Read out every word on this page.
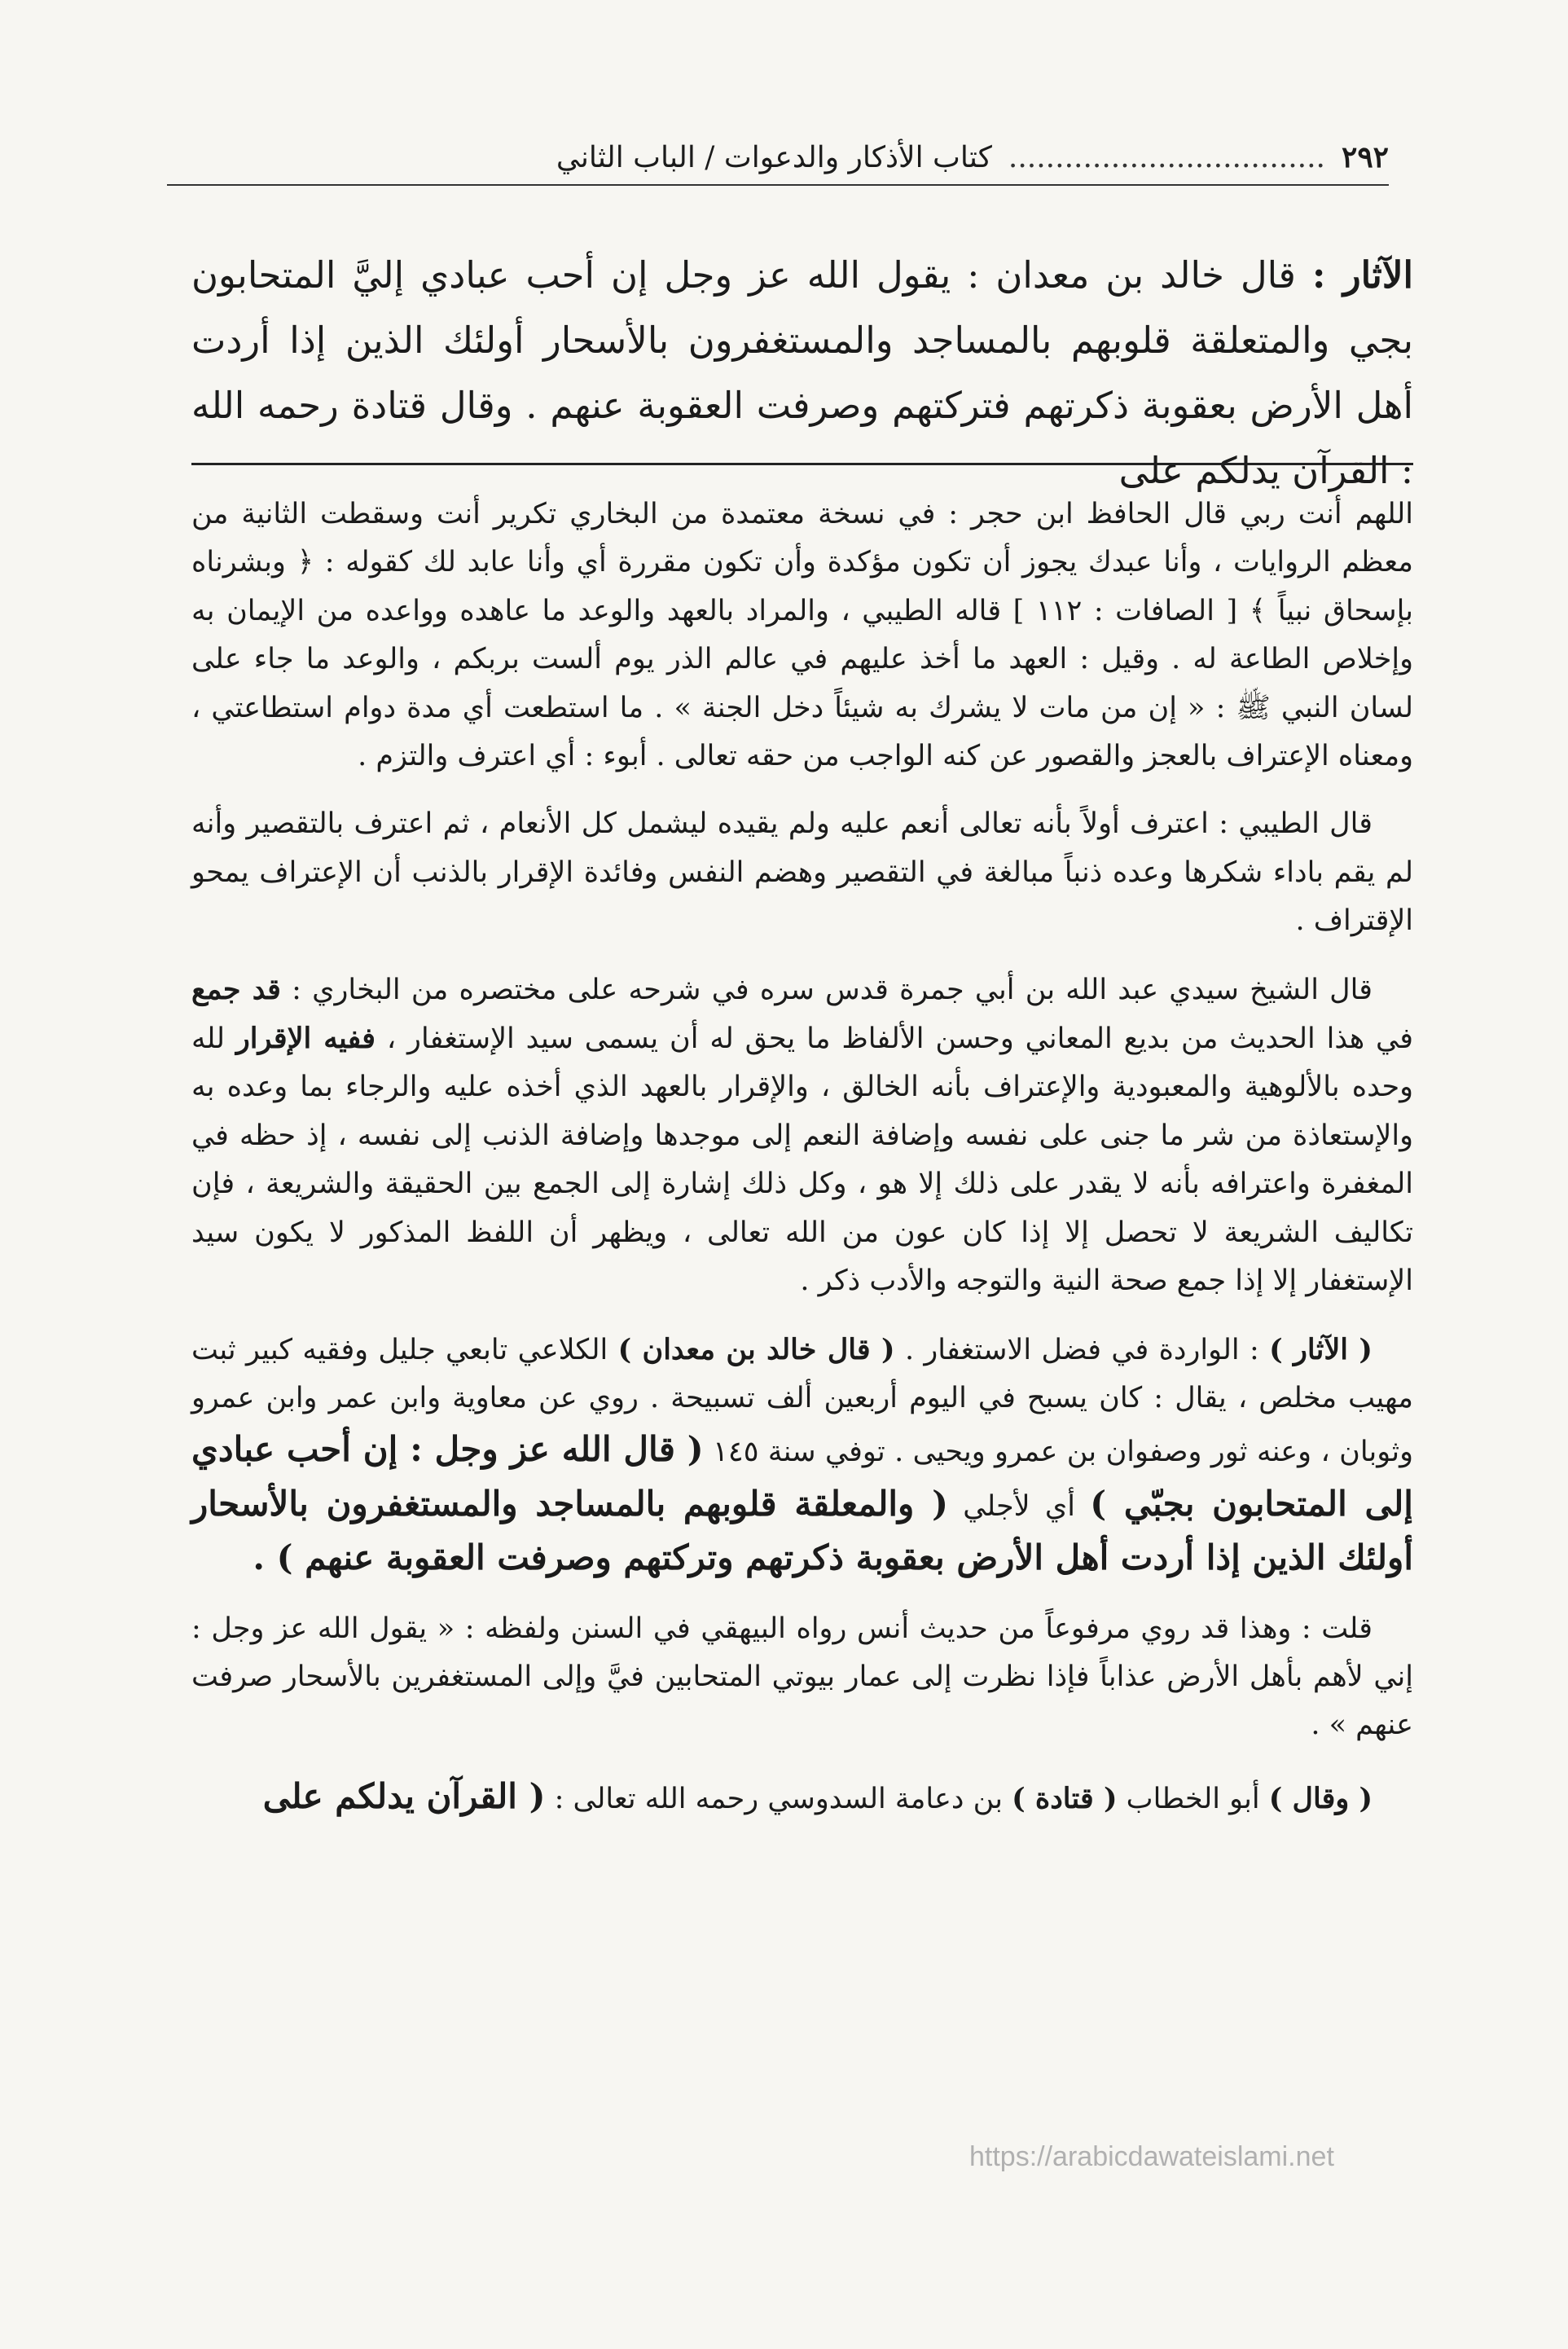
٢٩٢
..................................
كتاب الأذكار والدعوات / الباب الثاني
الآثار : قال خالد بن معدان : يقول الله عز وجل إن أحب عبادي إليَّ المتحابون بجي والمتعلقة قلوبهم بالمساجد والمستغفرون بالأسحار أولئك الذين إذا أردت أهل الأرض بعقوبة ذكرتهم فتركتهم وصرفت العقوبة عنهم . وقال قتادة رحمه الله : القرآن يدلكم على

اللهم أنت ربي قال الحافظ ابن حجر : في نسخة معتمدة من البخاري تكرير أنت وسقطت الثانية من معظم الروايات ، وأنا عبدك يجوز أن تكون مؤكدة وأن تكون مقررة أي وأنا عابد لك كقوله : ﴿ وبشرناه بإسحاق نبياً ﴾ [ الصافات : ١١٢ ] قاله الطيبي ، والمراد بالعهد والوعد ما عاهده وواعده من الإيمان به وإخلاص الطاعة له . وقيل : العهد ما أخذ عليهم في عالم الذر يوم ألست بربكم ، والوعد ما جاء على لسان النبي ﷺ : « إن من مات لا يشرك به شيئاً دخل الجنة » . ما استطعت أي مدة دوام استطاعتي ، ومعناه الإعتراف بالعجز والقصور عن كنه الواجب من حقه تعالى . أبوء : أي اعترف والتزم .

قال الطيبي : اعترف أولاً بأنه تعالى أنعم عليه ولم يقيده ليشمل كل الأنعام ، ثم اعترف بالتقصير وأنه لم يقم باداء شكرها وعده ذنباً مبالغة في التقصير وهضم النفس وفائدة الإقرار بالذنب أن الإعتراف يمحو الإقتراف .

قال الشيخ سيدي عبد الله بن أبي جمرة قدس سره في شرحه على مختصره من البخاري : قد جمع في هذا الحديث من بديع المعاني وحسن الألفاظ ما يحق له أن يسمى سيد الإستغفار ، ففيه الإقرار لله وحده بالألوهية والمعبودية والإعتراف بأنه الخالق ، والإقرار بالعهد الذي أخذه عليه والرجاء بما وعده به والإستعاذة من شر ما جنى على نفسه وإضافة النعم إلى موجدها وإضافة الذنب إلى نفسه ، إذ حظه في المغفرة واعترافه بأنه لا يقدر على ذلك إلا هو ، وكل ذلك إشارة إلى الجمع بين الحقيقة والشريعة ، فإن تكاليف الشريعة لا تحصل إلا إذا كان عون من الله تعالى ، ويظهر أن اللفظ المذكور لا يكون سيد الإستغفار إلا إذا جمع صحة النية والتوجه والأدب ذكر .

( الآثار ) : الواردة في فضل الاستغفار . ( قال خالد بن معدان ) الكلاعي تابعي جليل وفقيه كبير ثبت مهيب مخلص ، يقال : كان يسبح في اليوم أربعين ألف تسبيحة . روي عن معاوية وابن عمر وابن عمرو وثوبان ، وعنه ثور وصفوان بن عمرو ويحيى . توفي سنة ١٤٥ ( قال الله عز وجل : إن أحب عبادي إلى المتحابون بجبّي ) أي لأجلي ( والمعلقة قلوبهم بالمساجد والمستغفرون بالأسحار أولئك الذين إذا أردت أهل الأرض بعقوبة ذكرتهم وتركتهم وصرفت العقوبة عنهم ) .

قلت : وهذا قد روي مرفوعاً من حديث أنس رواه البيهقي في السنن ولفظه : « يقول الله عز وجل : إني لأهم بأهل الأرض عذاباً فإذا نظرت إلى عمار بيوتي المتحابين فيَّ وإلى المستغفرين بالأسحار صرفت عنهم » .

( وقال ) أبو الخطاب ( قتادة ) بن دعامة السدوسي رحمه الله تعالى : ( القرآن يدلكم على

https://arabicdawateislami.net
